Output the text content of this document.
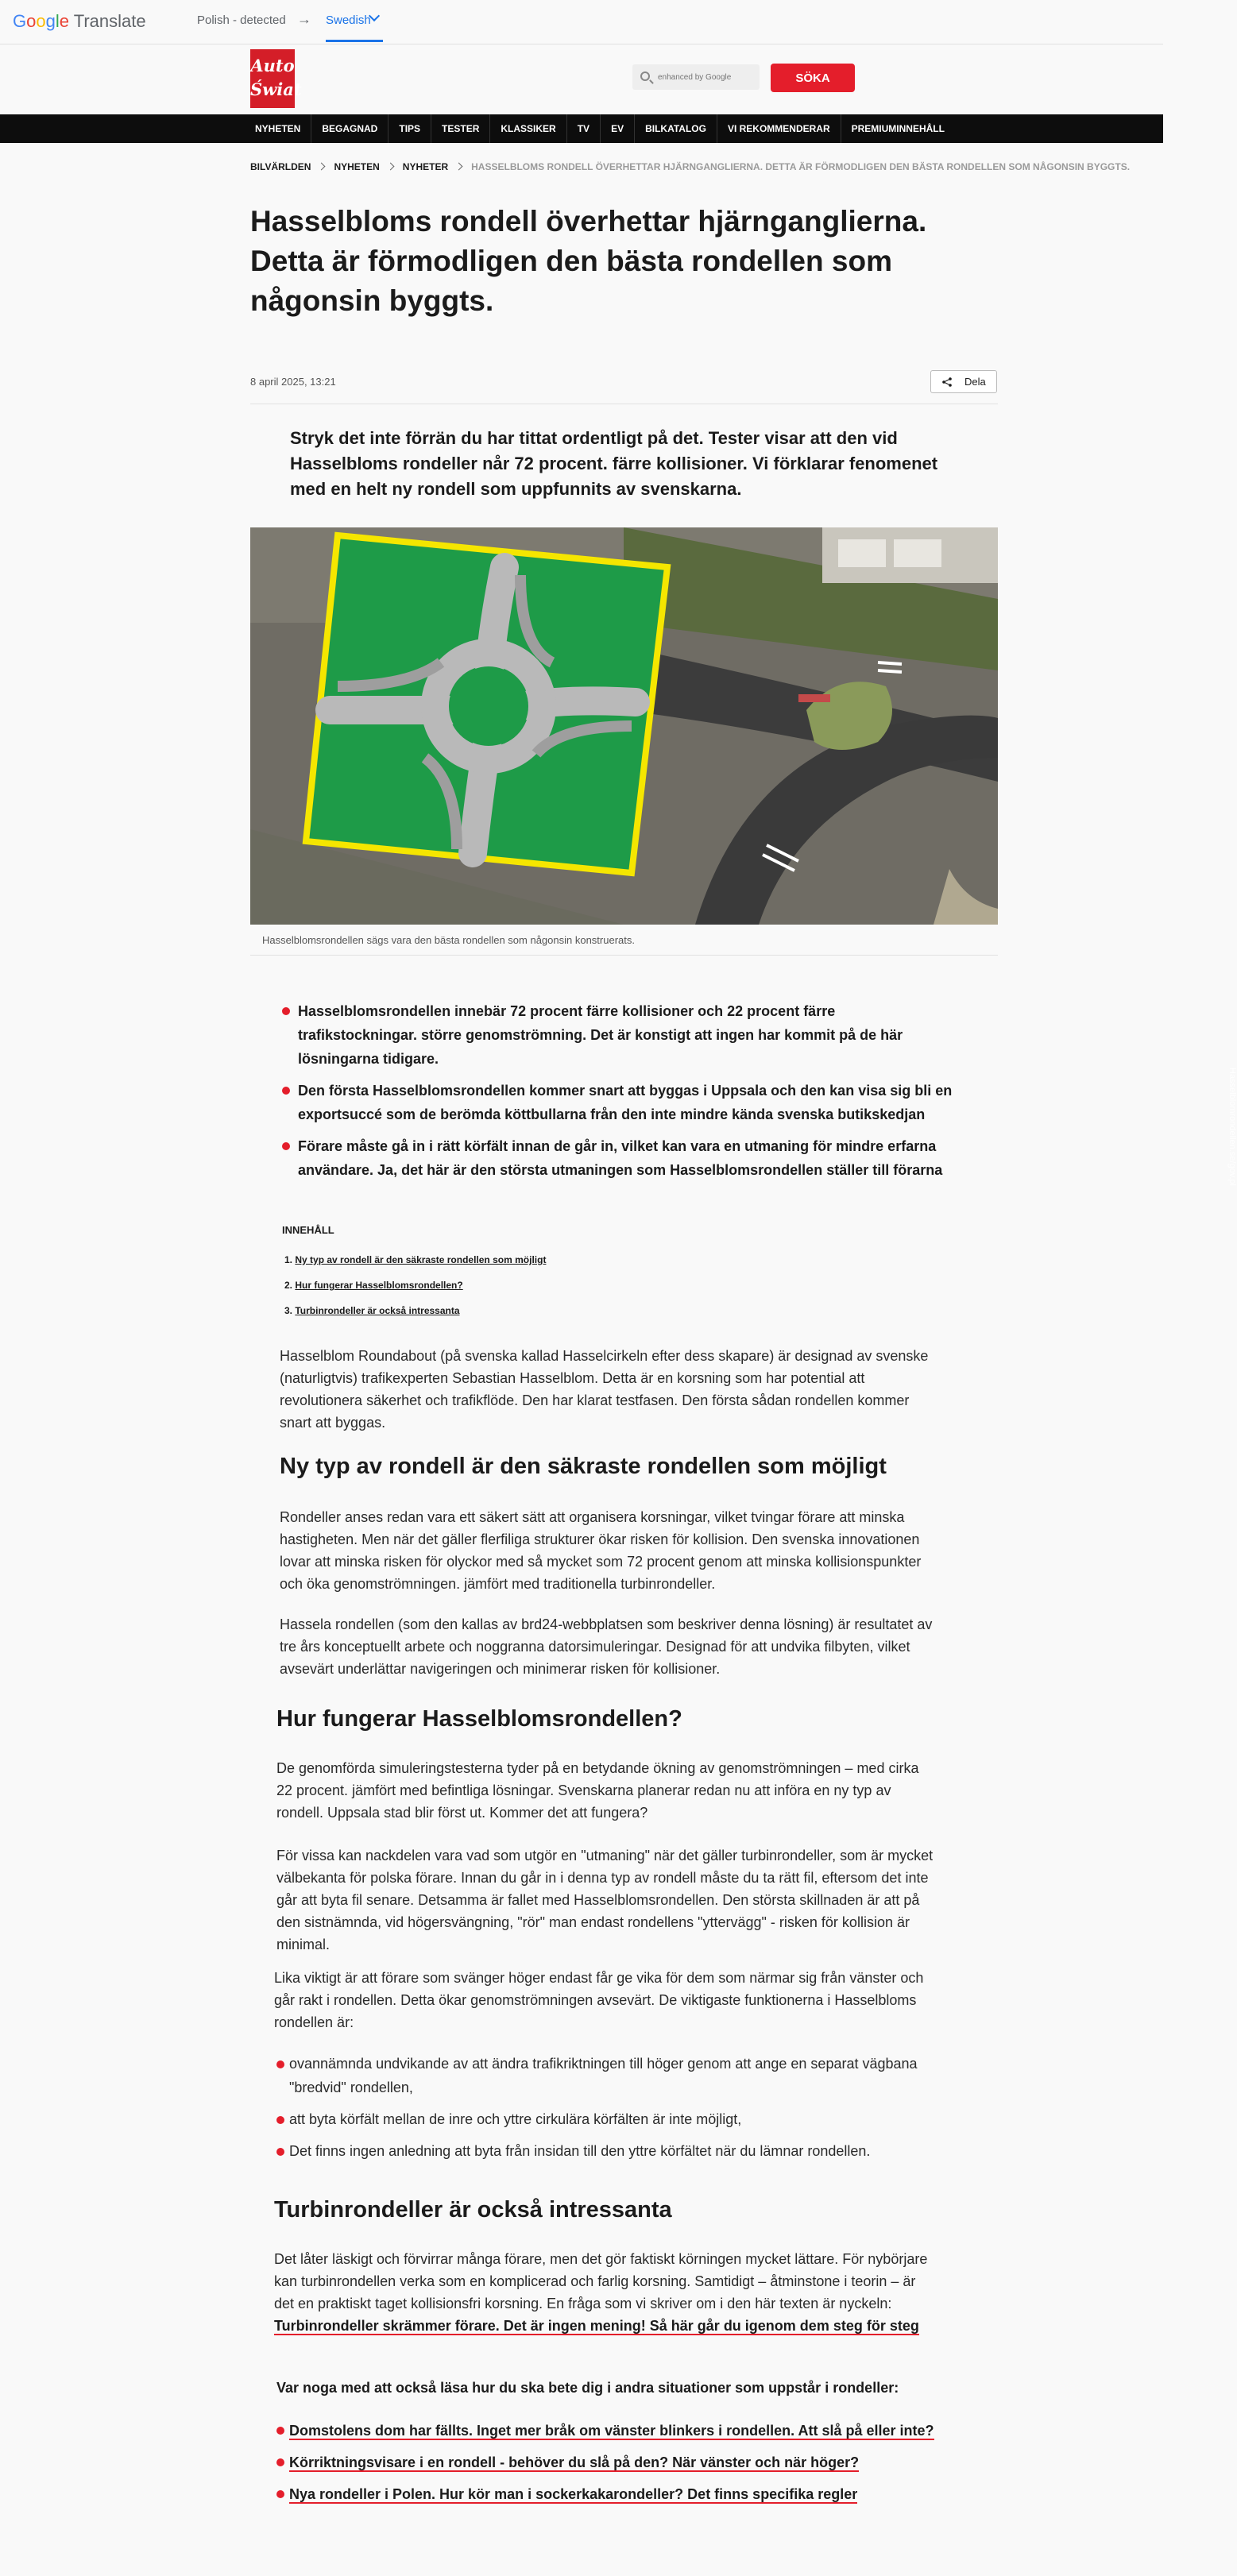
Google Translate	Polish - detected → Swedish
Auto
Świat
enhanced by Google
SÖKA
NYHETEN	BEGAGNAD	TIPS	TESTER	KLASSIKER	TV	EV	BILKATALOG	VI REKOMMENDERAR	PREMIUMINNEHÅLL
BILVÄRLDEN NYHETEN NYHETER HASSELBLOMS RONDELL ÖVERHETTAR HJÄRNGANGLIERNA. DETTA ÄR FÖRMODLIGEN DEN BÄSTA RONDELLEN SOM NÅGONSIN BYGGTS.
Hasselbloms rondell överhettar hjärnganglierna. Detta är förmodligen den bästa rondellen som någonsin byggts.
8 april 2025, 13:21	Dela

Stryk det inte förrän du har tittat ordentligt på det. Tester visar att den vid Hasselbloms rondeller når 72 procent. färre kollisioner. Vi förklarar fenomenet med en helt ny rondell som uppfunnits av svenskarna.

Hasselblomrondellen.se/gov.pl
Hasselblomsrondellen sägs vara den bästa rondellen som någonsin konstruerats.
Hasselblomsrondellen innebär 72 procent färre kollisioner och 22 procent färre trafikstockningar. större genomströmning. Det är konstigt att ingen har kommit på de här lösningarna tidigare.
Den första Hasselblomsrondellen kommer snart att byggas i Uppsala och den kan visa sig bli en exportsuccé som de berömda köttbullarna från den inte mindre kända svenska butikskedjan
Förare måste gå in i rätt körfält innan de går in, vilket kan vara en utmaning för mindre erfarna användare. Ja, det här är den största utmaningen som Hasselblomsrondellen ställer till förarna
INNEHÅLL
1. Ny typ av rondell är den säkraste rondellen som möjligt
2. Hur fungerar Hasselblomsrondellen?
3. Turbinrondeller är också intressanta

Hasselblom Roundabout (på svenska kallad Hasselcirkeln efter dess skapare) är designad av svenske (naturligtvis) trafikexperten Sebastian Hasselblom. Detta är en korsning som har potential att revolutionera säkerhet och trafikflöde. Den har klarat testfasen. Den första sådan rondellen kommer snart att byggas.

Ny typ av rondell är den säkraste rondellen som möjligt

Rondeller anses redan vara ett säkert sätt att organisera korsningar, vilket tvingar förare att minska hastigheten. Men när det gäller flerfiliga strukturer ökar risken för kollision. Den svenska innovationen lovar att minska risken för olyckor med så mycket som 72 procent genom att minska kollisionspunkter och öka genomströmningen. jämfört med traditionella turbinrondeller.

Hassela rondellen (som den kallas av brd24-webbplatsen som beskriver denna lösning) är resultatet av tre års konceptuellt arbete och noggranna datorsimuleringar. Designad för att undvika filbyten, vilket avsevärt underlättar navigeringen och minimerar risken för kollisioner.

Hur fungerar Hasselblomsrondellen?

De genomförda simuleringstesterna tyder på en betydande ökning av genomströmningen – med cirka 22 procent. jämfört med befintliga lösningar. Svenskarna planerar redan nu att införa en ny typ av rondell. Uppsala stad blir först ut. Kommer det att fungera?

För vissa kan nackdelen vara vad som utgör en "utmaning" när det gäller turbinrondeller, som är mycket välbekanta för polska förare. Innan du går in i denna typ av rondell måste du ta rätt fil, eftersom det inte går att byta fil senare. Detsamma är fallet med Hasselblomsrondellen. Den största skillnaden är att på den sistnämnda, vid högersvängning, "rör" man endast rondellens "yttervägg" - risken för kollision är minimal.

Lika viktigt är att förare som svänger höger endast får ge vika för dem som närmar sig från vänster och går rakt i rondellen. Detta ökar genomströmningen avsevärt. De viktigaste funktionerna i Hasselbloms rondellen är:

ovannämnda undvikande av att ändra trafikriktningen till höger genom att ange en separat vägbana "bredvid" rondellen,
att byta körfält mellan de inre och yttre cirkulära körfälten är inte möjligt,
Det finns ingen anledning att byta från insidan till den yttre körfältet när du lämnar rondellen.
Turbinrondeller är också intressanta

Det låter läskigt och förvirrar många förare, men det gör faktiskt körningen mycket lättare. För nybörjare kan turbinrondellen verka som en komplicerad och farlig korsning. Samtidigt – åtminstone i teorin – är det en praktiskt taget kollisionsfri korsning. En fråga som vi skriver om i den här texten är nyckeln: Turbinrondeller skrämmer förare. Det är ingen mening! Så här går du igenom dem steg för steg

Var noga med att också läsa hur du ska bete dig i andra situationer som uppstår i rondeller:
Domstolens dom har fällts. Inget mer bråk om vänster blinkers i rondellen. Att slå på eller inte?
Körriktningsvisare i en rondell - behöver du slå på den? När vänster och när höger?
Nya rondeller i Polen. Hur kör man i sockerkakarondeller? Det finns specifika regler
